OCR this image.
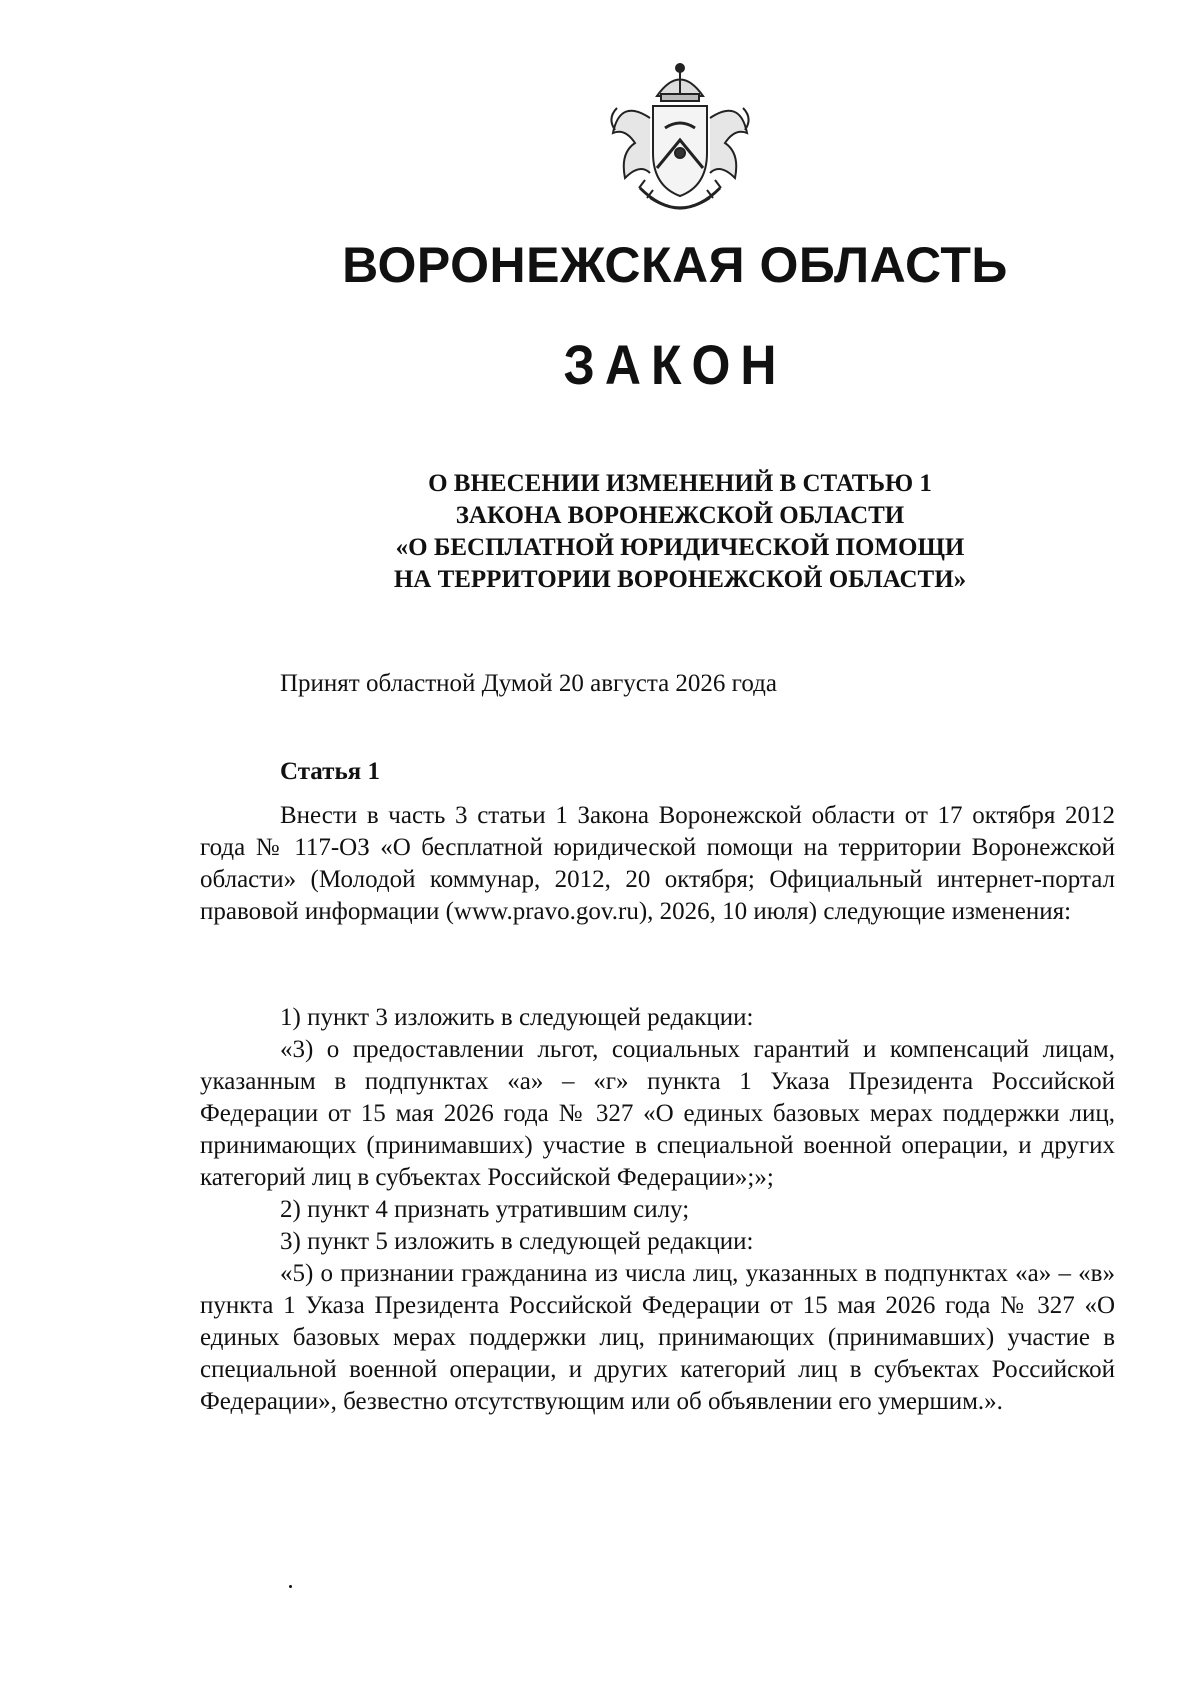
ВОРОНЕЖСКАЯ ОБЛАСТЬ
ЗАКОН
О ВНЕСЕНИИ ИЗМЕНЕНИЙ В СТАТЬЮ 1
ЗАКОНА ВОРОНЕЖСКОЙ ОБЛАСТИ
«О БЕСПЛАТНОЙ ЮРИДИЧЕСКОЙ ПОМОЩИ
НА ТЕРРИТОРИИ ВОРОНЕЖСКОЙ ОБЛАСТИ»
Принят областной Думой 20 августа 2026 года
Статья 1

Внести в часть 3 статьи 1 Закона Воронежской области от 17 октября 2012 года № 117-ОЗ «О бесплатной юридической помощи на территории Воронежской области» (Молодой коммунар, 2012, 20 октября; Официальный интернет-портал правовой информации (www.pravo.gov.ru), 2026, 10 июля) следующие изменения:

1) пункт 3 изложить в следующей редакции:

«3) о предоставлении льгот, социальных гарантий и компенсаций лицам, указанным в подпунктах «а» – «г» пункта 1 Указа Президента Российской Федерации от 15 мая 2026 года № 327 «О единых базовых мерах поддержки лиц, принимающих (принимавших) участие в специальной военной операции, и других категорий лиц в субъектах Российской Федерации»;»;

2) пункт 4 признать утратившим силу;

3) пункт 5 изложить в следующей редакции:

«5) о признании гражданина из числа лиц, указанных в подпунктах «а» – «в» пункта 1 Указа Президента Российской Федерации от 15 мая 2026 года № 327 «О единых базовых мерах поддержки лиц, принимающих (принимавших) участие в специальной военной операции, и других категорий лиц в субъектах Российской Федерации», безвестно отсутствующим или об объявлении его умершим.».
